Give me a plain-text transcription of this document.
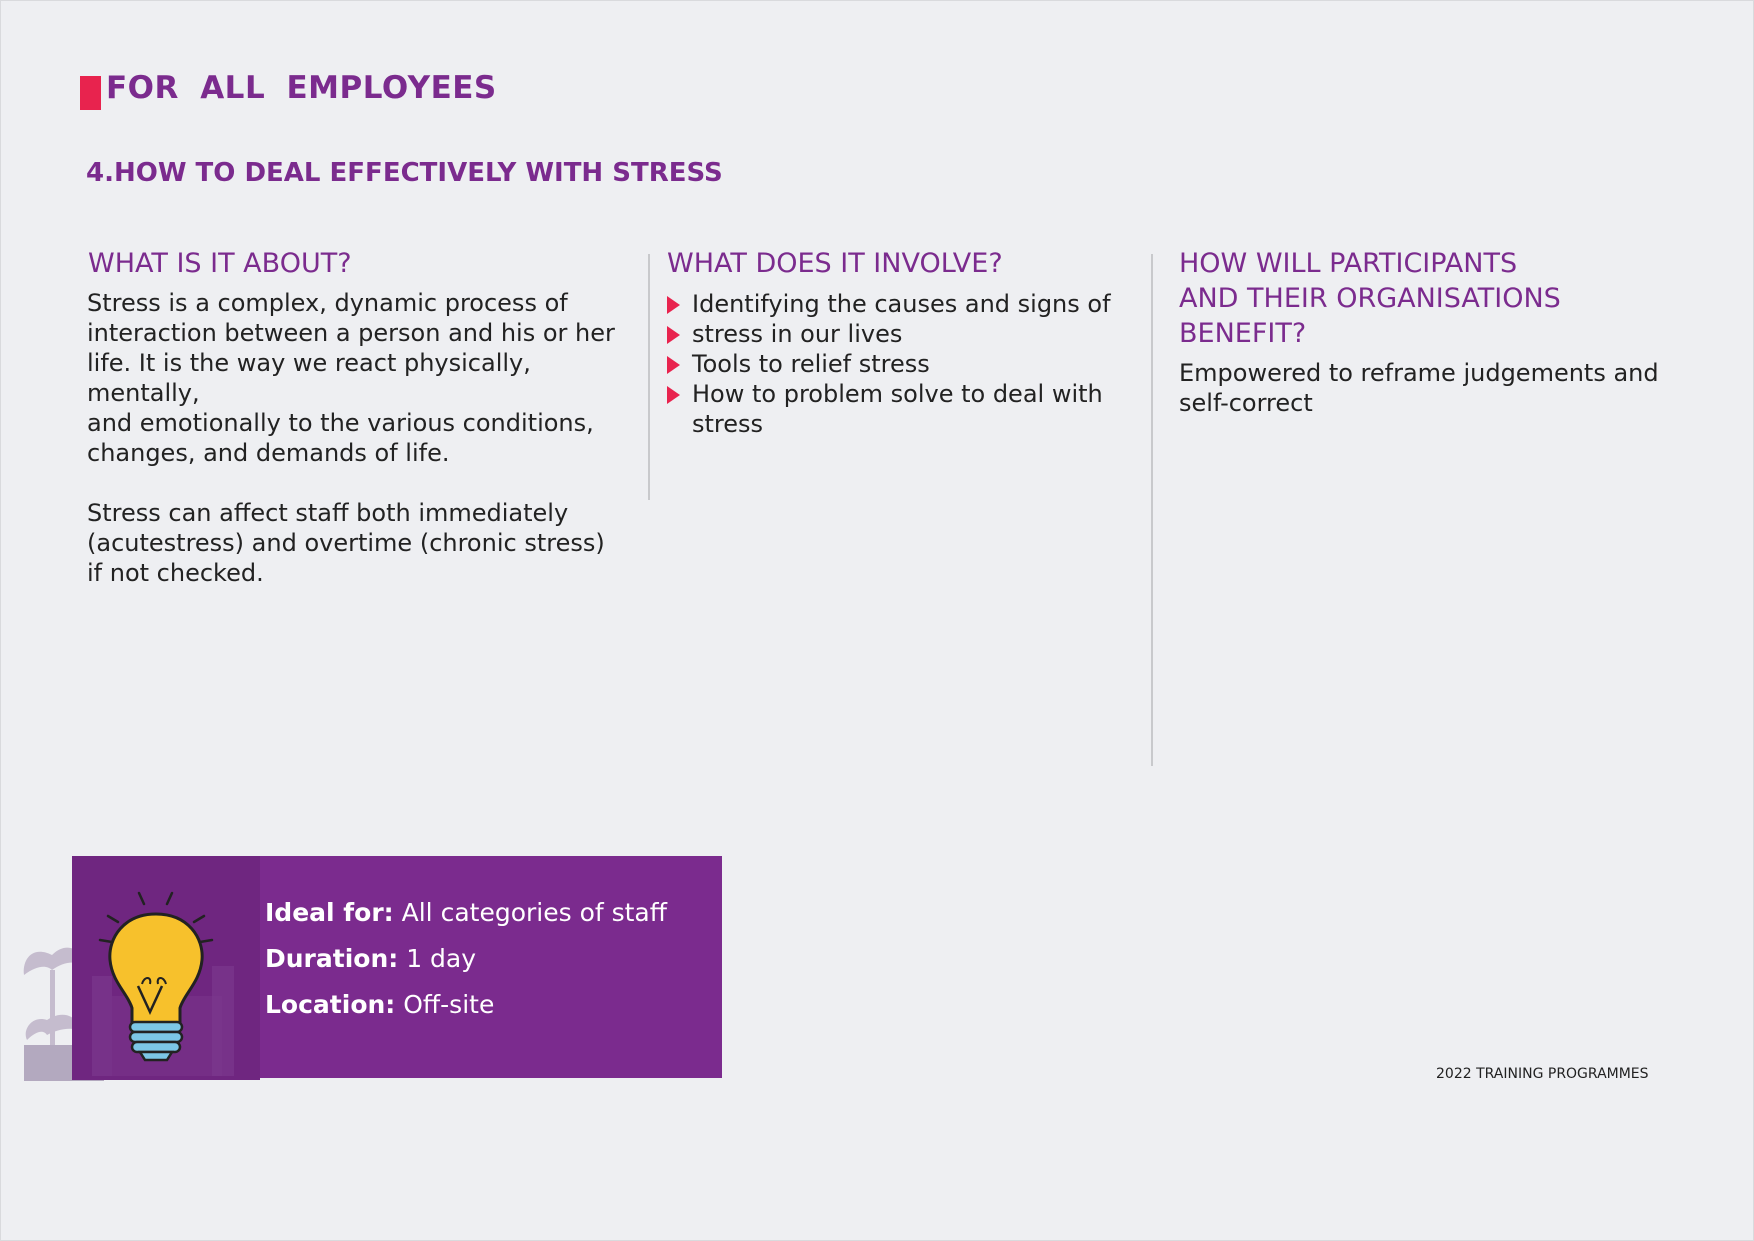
FOR ALL EMPLOYEES
4.HOW TO DEAL EFFECTIVELY WITH STRESS
WHAT IS IT ABOUT?
Stress is a complex, dynamic process of
interaction between a person and his or her
life. It is the way we react physically, mentally,
and emotionally to the various conditions,
changes, and demands of life.
Stress can affect staff both immediately
(acutestress) and overtime (chronic stress)
if not checked.
WHAT DOES IT INVOLVE?
Identifying the causes and signs of
stress in our lives
Tools to relief stress
How to problem solve to deal with
stress
HOW WILL PARTICIPANTS
AND THEIR ORGANISATIONS
BENEFIT?
Empowered to reframe judgements and
self-correct
Ideal for: All categories of staff
Duration: 1 day
Location: Off-site
2022 TRAINING PROGRAMMES
